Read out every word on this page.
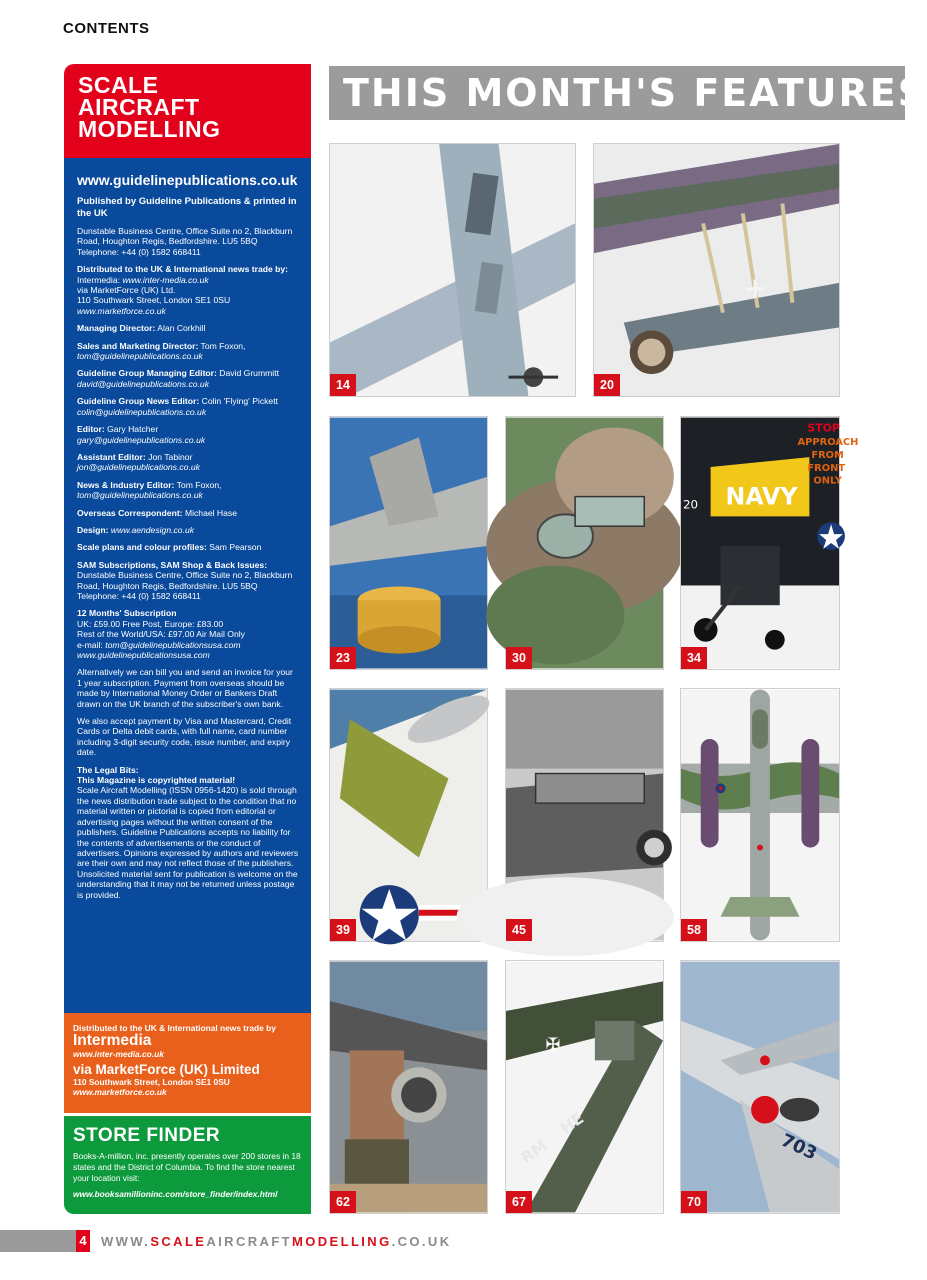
CONTENTS
SCALE
AIRCRAFT
MODELLING
www.guidelinepublications.co.uk
Published by Guideline Publications & printed in the UK

Dunstable Business Centre, Office Suite no 2, Blackburn Road, Houghton Regis, Bedfordshire. LU5 5BQ
Telephone: +44 (0) 1582 668411

Distributed to the UK & International news trade by:
Intermedia: www.inter-media.co.uk
via MarketForce (UK) Ltd.
110 Southwark Street, London SE1 0SU
www.marketforce.co.uk

Managing Director: Alan Corkhill

Sales and Marketing Director: Tom Foxon,
tom@guidelinepublications.co.uk

Guideline Group Managing Editor: David Grummitt
david@guidelinepublications.co.uk

Guideline Group News Editor: Colin 'Flying' Pickett
colin@guidelinepublications.co.uk

Editor: Gary Hatcher
gary@guidelinepublications.co.uk

Assistant Editor: Jon Tabinor
jon@guidelinepublications.co.uk

News & Industry Editor: Tom Foxon,
tom@guidelinepublications.co.uk

Overseas Correspondent: Michael Hase

Design: www.aendesign.co.uk

Scale plans and colour profiles: Sam Pearson

SAM Subscriptions, SAM Shop & Back Issues:
Dunstable Business Centre, Office Suite no 2, Blackburn Road, Houghton Regis, Bedfordshire. LU5 5BQ
Telephone: +44 (0) 1582 668411

12 Months' Subscription
UK: £59.00 Free Post, Europe: £83.00
Rest of the World/USA: £97.00 Air Mail Only
e-mail: tom@guidelinepublicationsusa.com
www.guidelinepublicationsusa.com

Alternatively we can bill you and send an invoice for your 1 year subscription. Payment from overseas should be made by International Money Order or Bankers Draft drawn on the UK branch of the subscriber's own bank.

We also accept payment by Visa and Mastercard, Credit Cards or Delta debit cards, with full name, card number including 3-digit security code, issue number, and expiry date.

The Legal Bits:
This Magazine is copyrighted material!
Scale Aircraft Modelling (ISSN 0956-1420) is sold through the news distribution trade subject to the condition that no material written or pictorial is copied from editorial or advertising pages without the written consent of the publishers. Guideline Publications accepts no liability for the contents of advertisements or the conduct of advertisers. Opinions expressed by authors and reviewers are their own and may not reflect those of the publishers. Unsolicited material sent for publication is welcome on the understanding that it may not be returned unless postage is provided.

Distributed to the UK & International news trade by
Intermedia
www.inter-media.co.uk
via MarketForce (UK) Limited
110 Southwark Street, London SE1 0SU
www.marketforce.co.uk
STORE FINDER
Books-A-million, inc. presently operates over 200 stores in 18 states and the District of Columbia. To find the store nearest your location visit:
www.booksamillioninc.com/store_finder/index.html
THIS MONTH'S FEATURES
14
+
20
23	30
NAVY
20
STOP
APPROACH
FROM
FRONT
ONLY
34
39	45	58
62
✠
HE
RM
67
703
70
4 WWW.SCALEAIRCRAFTMODELLING.CO.UK
